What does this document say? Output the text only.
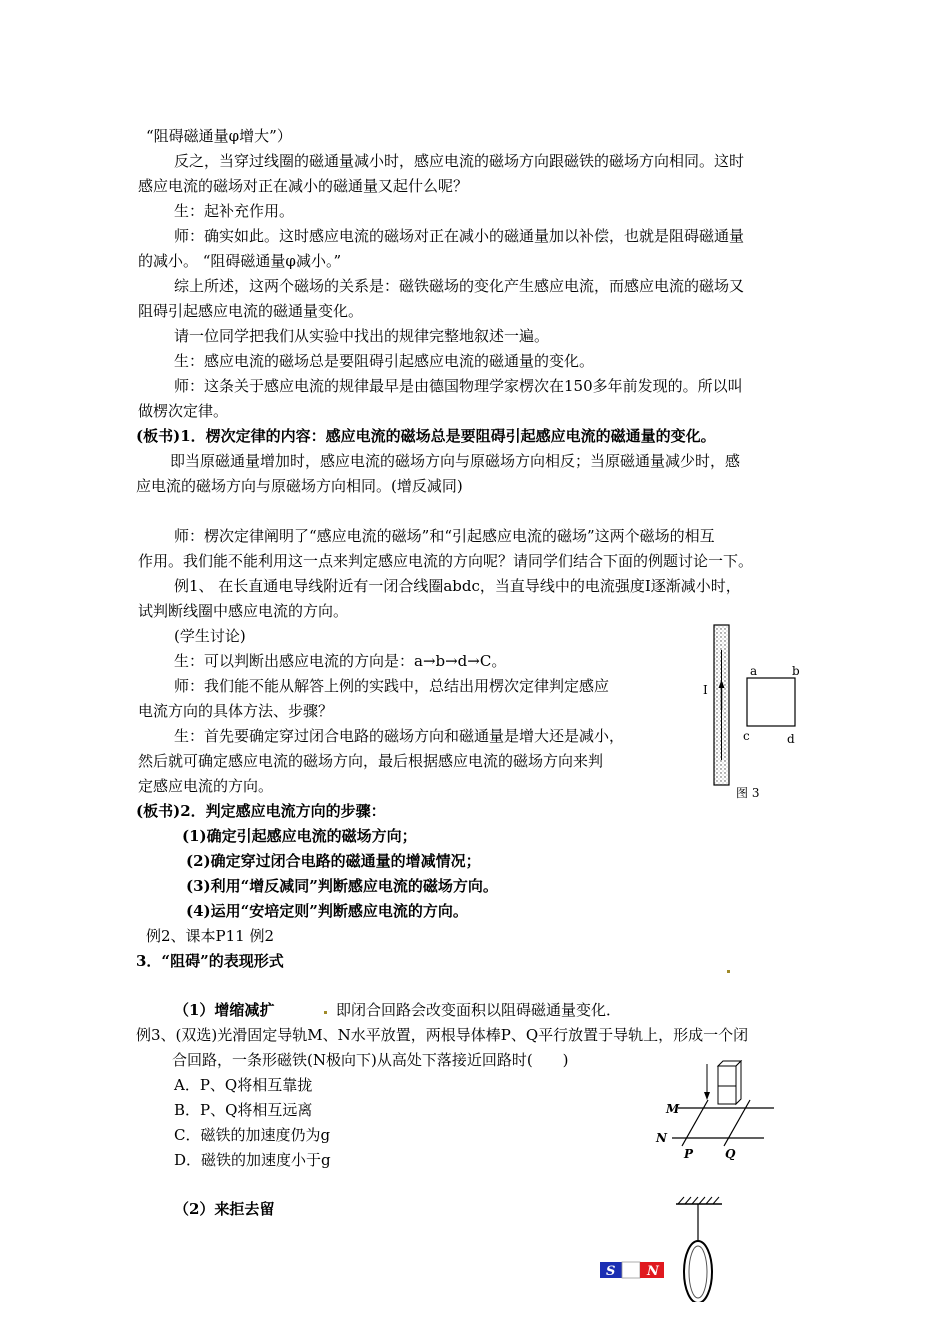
“阻碍磁通量φ增大”）
反之，当穿过线圈的磁通量减小时，感应电流的磁场方向跟磁铁的磁场方向相同。这时
感应电流的磁场对正在减小的磁通量又起什么呢？
生：起补充作用。
师：确实如此。这时感应电流的磁场对正在减小的磁通量加以补偿，也就是阻碍磁通量
的减小。 “阻碍磁通量φ减小。”
综上所述，这两个磁场的关系是：磁铁磁场的变化产生感应电流，而感应电流的磁场又
阻碍引起感应电流的磁通量变化。
请一位同学把我们从实验中找出的规律完整地叙述一遍。
生：感应电流的磁场总是要阻碍引起感应电流的磁通量的变化。
师：这条关于感应电流的规律最早是由德国物理学家楞次在150多年前发现的。所以叫
做楞次定律。
(板书)1．楞次定律的内容：感应电流的磁场总是要阻碍引起感应电流的磁通量的变化。
即当原磁通量增加时，感应电流的磁场方向与原磁场方向相反；当原磁通量减少时，感
应电流的磁场方向与原磁场方向相同。(增反减同)
师：楞次定律阐明了“感应电流的磁场”和“引起感应电流的磁场”这两个磁场的相互
作用。我们能不能利用这一点来判定感应电流的方向呢？请同学们结合下面的例题讨论一下。
例1、 在长直通电导线附近有一闭合线圈abdc，当直导线中的电流强度I逐渐减小时，
试判断线圈中感应电流的方向。
(学生讨论)
生：可以判断出感应电流的方向是：a→b→d→C。
师：我们能不能从解答上例的实践中，总结出用楞次定律判定感应
电流方向的具体方法、步骤？
生：首先要确定穿过闭合电路的磁场方向和磁通量是增大还是减小，
然后就可确定感应电流的磁场方向，最后根据感应电流的磁场方向来判
定感应电流的方向。
(板书)2．判定感应电流方向的步骤：
(1)确定引起感应电流的磁场方向；
(2)确定穿过闭合电路的磁通量的增减情况；
(3)利用“增反减同”判断感应电流的磁场方向。
(4)运用“安培定则”判断感应电流的方向。
例2、课本P11 例2
3．“阻碍”的表现形式
（1）增缩减扩	即闭合回路会改变面积以阻碍磁通量变化．
例3、(双选)光滑固定导轨M、N水平放置，两根导体棒P、Q平行放置于导轨上，形成一个闭
合回路，一条形磁铁(N极向下)从高处下落接近回路时(　　)
A．P、Q将相互靠拢
B．P、Q将相互远离
C．磁铁的加速度仍为g
D．磁铁的加速度小于g
（2）来拒去留
I
a	b
c	d
图 3
M
N
P	Q
S N
